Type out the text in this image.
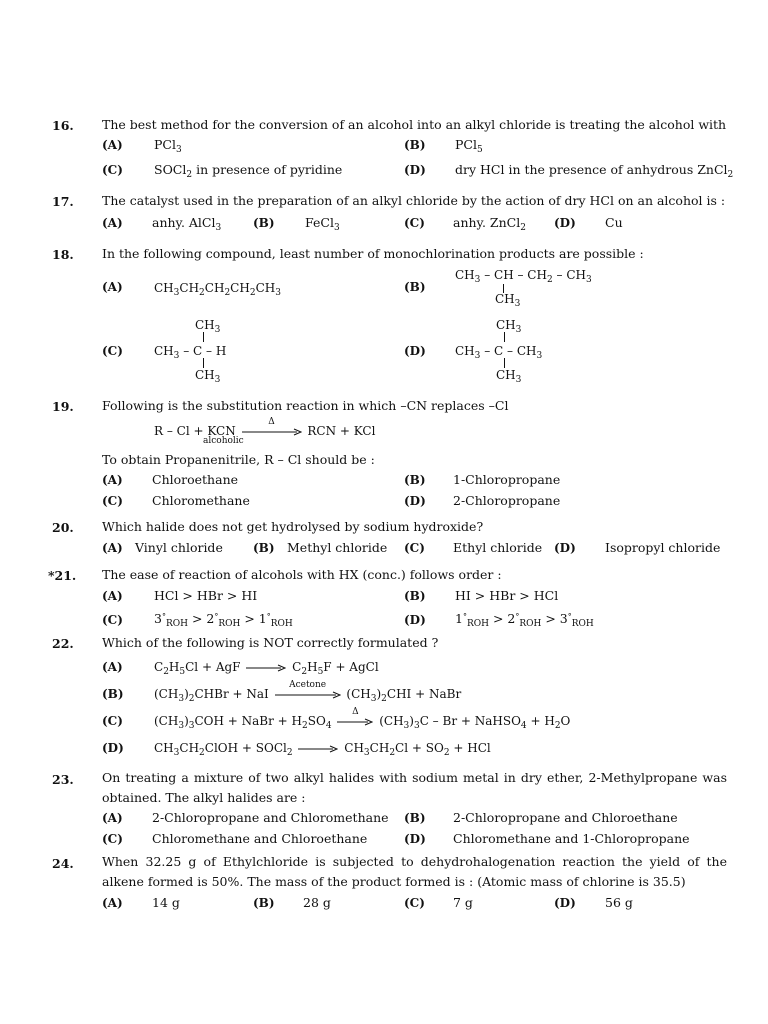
16. The best method for the conversion of an alcohol into an alkyl chloride is treating the alcohol with
(A)	PCl$_3$	(B) PCl$_5$
(C) SOCl$_2$ in presence of pyridine	(D) dry HCl in the presence of anhydrous ZnCl$_2$
17. The catalyst used in the preparation of an alkyl chloride by the action of dry HCl on an alcohol is :
(A) anhy. AlCl$_3$	(B) FeCl$_3$	(C) anhy. ZnCl$_2$ (D) Cu
18. In the following compound, least number of monochlorination products are possible :
(A)	$CH_3CH_2CH_2CH_2CH_3$	(B)
$CH_3$ – CH – $CH_2 - CH_3$
$CH_3$
(C)
$CH_3$
$CH_3$ – C – H
$CH_3$
(D)
$CH_3$
$CH_3$ – C – $CH_3$
$CH_3$
19. Following is the substitution reaction in which –CN replaces –Cl
R – Cl + KCN
Δ
RCN + KCl
alcoholic
To obtain Propanenitrile, R – Cl should be :
(A) Chloroethane	(B) 1-Chloropropane
(C) Chloromethane	(D) 2-Chloropropane
20. Which halide does not get hydrolysed by sodium hydroxide?
(A) Vinyl chloride	(B) Methyl chloride (C) Ethyl chloride (D) Isopropyl chloride
*21. The ease of reaction of alcohols with HX (conc.) follows order :
(A)	HCl > HBr > HI	(B) HI > HBr > HCl
(C) $3^\circ_{ROH} > 2^\circ_{ROH} > 1^\circ_{ROH}$	(D) $1^\circ_{ROH} > 2^\circ_{ROH} > 3^\circ_{ROH}$
22. Which of the following is NOT correctly formulated ?
(A)	$C_2H_5Cl$ + AgF	$C_2H_5F$ + AgCl
(B)	$(CH_3)_2CHBr$ + NaI
Acetone
$(CH_3)_2CHI$ + NaBr
(C)	$(CH_3)_3COH$ + NaBr + $H_2SO_4$
Δ
$(CH_3)_3C$ – Br + NaHSO$_4$ + $H_2O$
(D)	$CH_3CH_2ClOH$ + SOCl$_2$	$CH_3CH_2Cl + SO_2$ + HCl
23. On treating a mixture of two alkyl halides with sodium metal in dry ether, 2-Methylpropane was obtained. The alkyl halides are :
(A) 2-Chloropropane and Chloromethane (B) 2-Chloropropane and Chloroethane
(C) Chloromethane and Chloroethane	(D) Chloromethane and 1-Chloropropane
24. When 32.25 g of Ethylchloride is subjected to dehydrohalogenation reaction the yield of the alkene formed is 50%. The mass of the product formed is : (Atomic mass of chlorine is 35.5)
(A) 14 g	(B) 28 g	(C) 7 g	(D) 56 g
